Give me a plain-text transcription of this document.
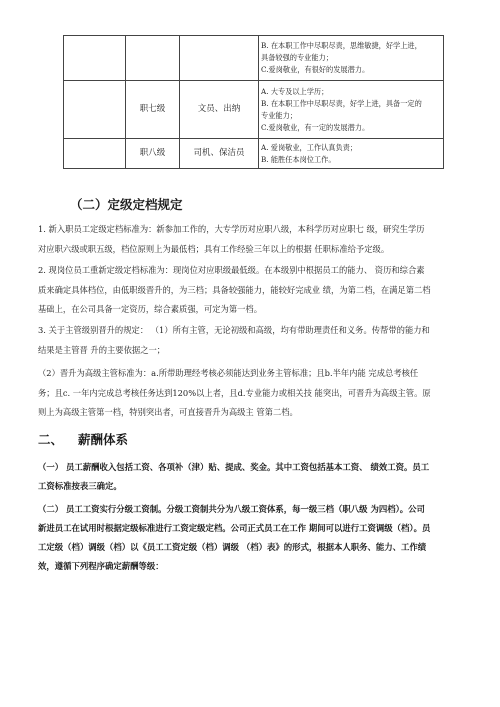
			B. 在本职工作中尽职尽责，思维敏捷，好学上进，
具备较强的专业能力；
C.爱岗敬业，有很好的发展潜力。

	职七级	文员、出纳	A. 大专及以上学历；
B. 在本职工作中尽职尽责，好学上进，具备一定的
专业能力；
C.爱岗敬业，有一定的发展潜力。

	职八级	司机、保洁员	A. 爱岗敬业，工作认真负责；
B. 能胜任本岗位工作。
（二）定级定档规定
1. 新入职员工定级定档标准为：新参加工作的，大专学历对应职八级，本科学历对应职七 级，研究生学历
对应职六级或职五级，档位原则上为最低档；具有工作经验三年以上的根据 任职标准给予定级。
2. 现岗位员工重新定级定档标准为：现岗位对应职级最低级。在本级别中根据员工的能力、 资历和综合素
质来确定具体档位，由低职级晋升的，为三档；具备较强能力，能较好完成业 绩，为第二档，在满足第二档
基础上，在公司具备一定资历，综合素质强，可定为第一档。
3. 关于主管级别晋升的规定： （1）所有主管，无论初级和高级，均有带助理责任和义务。传帮带的能力和
结果是主管晋 升的主要依据之一；
（2）晋升为高级主管标准为：a.所带助理经考核必须能达到业务主管标准；且b.半年内能 完成总考核任
务；且c. 一年内完成总考核任务达到120%以上者，且d.专业能力或相关技 能突出，可晋升为高级主管。原
则上为高级主管第一档，特别突出者，可直接晋升为高级主 管第二档。
二、 薪酬体系
（一） 员工薪酬收入包括工资、各项补（津）贴、提成、奖金。其中工资包括基本工资、 绩效工资。员工
工资标准按表三确定。
（二） 员工工资实行分级工资制。分级工资制共分为八级工资体系，每一级三档（职八级 为四档）。公司
新进员工在试用时根据定级标准进行工资定级定档。公司正式员工在工作 期间可以进行工资调级（档）。员
工定级（档）调级（档）以《员工工资定级（档）调级 （档）表》的形式，根据本人职务、能力、工作绩
效，遵循下列程序确定薪酬等级：
